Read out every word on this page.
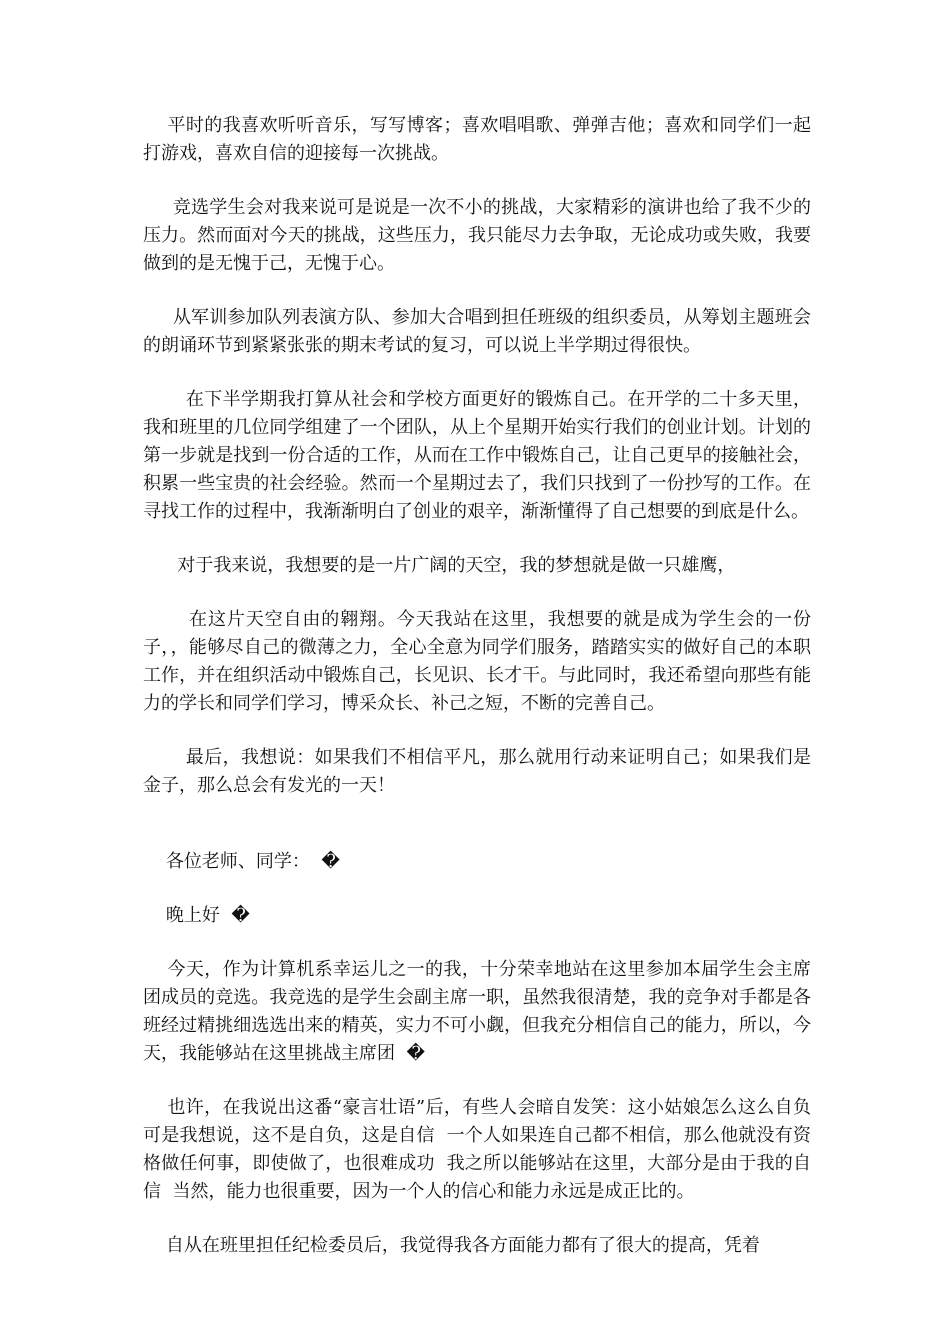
平时的我喜欢听听音乐，写写博客；喜欢唱唱歌、弹弹吉他；喜欢和同学们一起打游戏，喜欢自信的迎接每一次挑战。

竞选学生会对我来说可是说是一次不小的挑战，大家精彩的演讲也给了我不少的压力。然而面对今天的挑战，这些压力，我只能尽力去争取，无论成功或失败，我要做到的是无愧于己，无愧于心。

从军训参加队列表演方队、参加大合唱到担任班级的组织委员，从筹划主题班会的朗诵环节到紧紧张张的期末考试的复习，可以说上半学期过得很快。

在下半学期我打算从社会和学校方面更好的锻炼自己。在开学的二十多天里，我和班里的几位同学组建了一个团队，从上个星期开始实行我们的创业计划。计划的第一步就是找到一份合适的工作，从而在工作中锻炼自己，让自己更早的接触社会，积累一些宝贵的社会经验。然而一个星期过去了，我们只找到了一份抄写的工作。在寻找工作的过程中，我渐渐明白了创业的艰辛，渐渐懂得了自己想要的到底是什么。

对于我来说，我想要的是一片广阔的天空，我的梦想就是做一只雄鹰，

在这片天空自由的翱翔。今天我站在这里，我想要的就是成为学生会的一份子，，能够尽自己的微薄之力，全心全意为同学们服务，踏踏实实的做好自己的本职工作，并在组织活动中锻炼自己，长见识、长才干。与此同时，我还希望向那些有能力的学长和同学们学习，博采众长、补己之短，不断的完善自己。

最后，我想说：如果我们不相信平凡，那么就用行动来证明自己；如果我们是金子，那么总会有发光的一天！

各位老师、同学：  �

晚上好  �

今天，作为计算机系幸运儿之一的我，十分荣幸地站在这里参加本届学生会主席团成员的竞选。我竞选的是学生会副主席一职，虽然我很清楚，我的竞争对手都是各班经过精挑细选选出来的精英，实力不可小觑，但我充分相信自己的能力，所以，今天，我能够站在这里挑战主席团  �

也许，在我说出这番“豪言壮语”后，有些人会暗自发笑：这小姑娘怎么这么自负  可是我想说，这不是自负，这是自信  一个人如果连自己都不相信，那么他就没有资格做任何事，即使做了，也很难成功  我之所以能够站在这里，大部分是由于我的自信  当然，能力也很重要，因为一个人的信心和能力永远是成正比的。

自从在班里担任纪检委员后，我觉得我各方面能力都有了很大的提高，凭着
